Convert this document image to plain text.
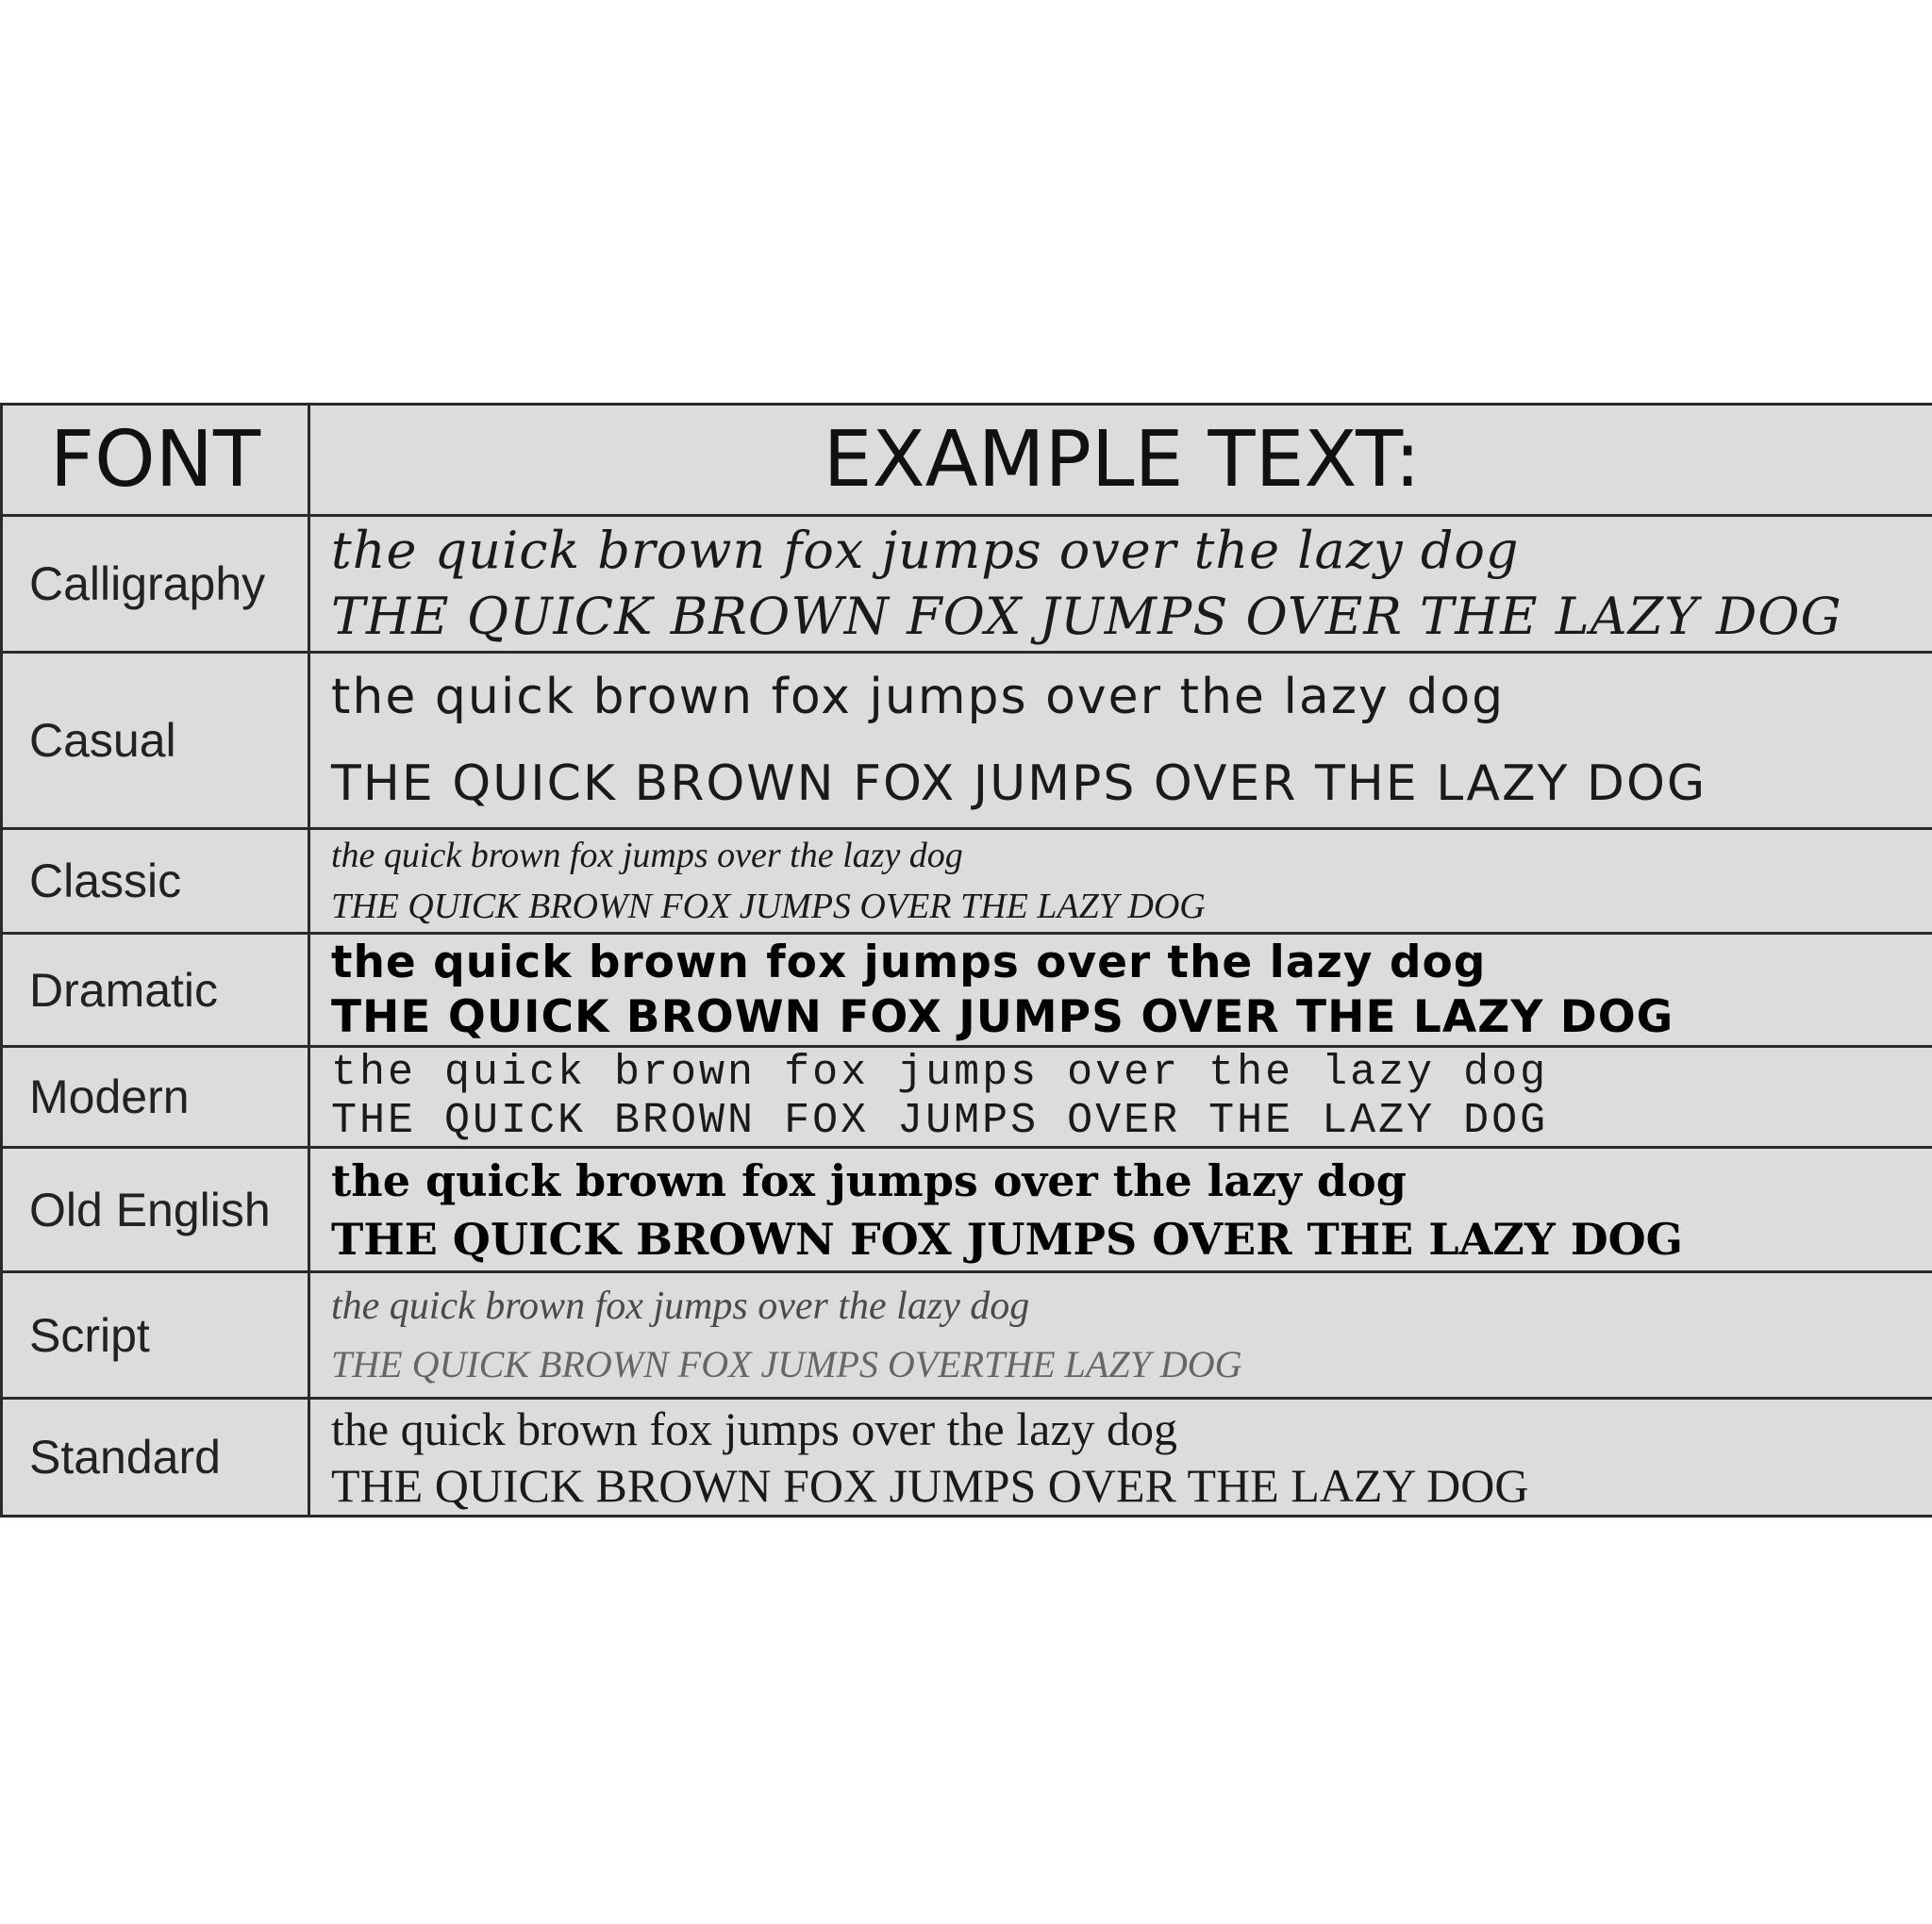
FONT	EXAMPLE TEXT:
Calligraphy	the quick brown fox jumps over the lazy dog
THE QUICK BROWN FOX JUMPS OVER THE LAZY DOG

Casual	the quick brown fox jumps over the lazy dog
THE QUICK BROWN FOX JUMPS OVER THE LAZY DOG

Classic	the quick brown fox jumps over the lazy dog
THE QUICK BROWN FOX JUMPS OVER THE LAZY DOG

Dramatic	the quick brown fox jumps over the lazy dog
THE QUICK BROWN FOX JUMPS OVER THE LAZY DOG

Modern	the quick brown fox jumps over the lazy dog
THE QUICK BROWN FOX JUMPS OVER THE LAZY DOG

Old English	the quick brown fox jumps over the lazy dog
THE QUICK BROWN FOX JUMPS OVER THE LAZY DOG

Script	the quick brown fox jumps over the lazy dog
THE QUICK BROWN FOX JUMPS OVERTHE LAZY DOG

Standard	the quick brown fox jumps over the lazy dog
THE QUICK BROWN FOX JUMPS OVER THE LAZY DOG
